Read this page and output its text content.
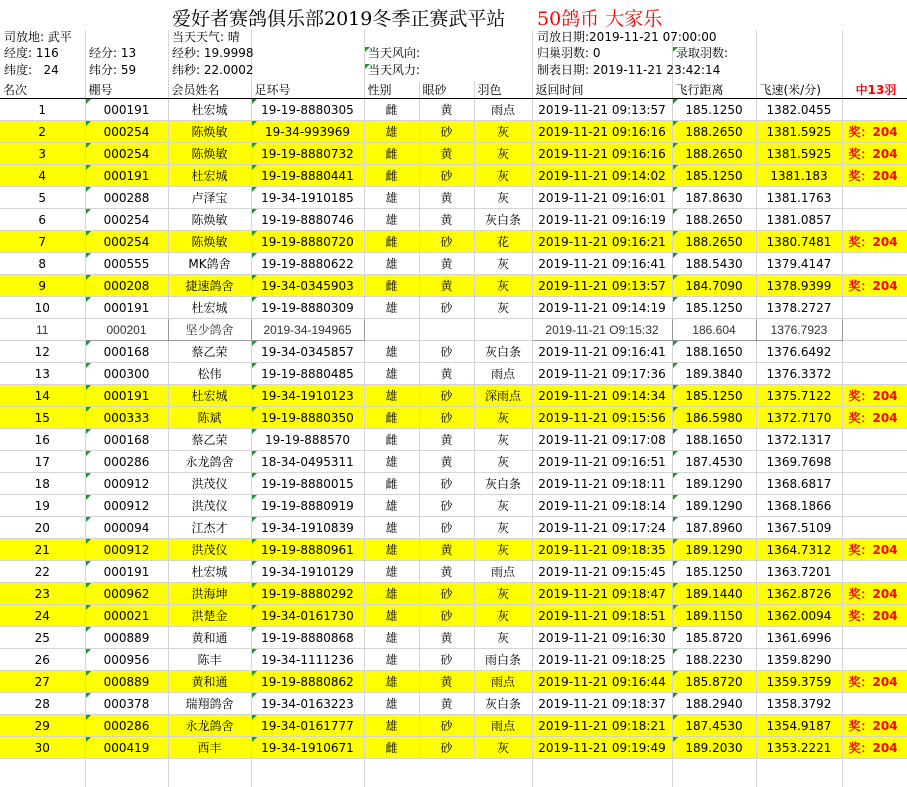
爱好者赛鸽俱乐部2019冬季正赛武平站 50鸽币 大家乐
司放地: 武平	当天天气: 晴	司放日期:2019-11-21 07:00:00
经度: 116	经分: 13	经秒: 19.9998	当天风向:	归巢羽数: 0	录取羽数:
纬度: 24	纬分: 59	纬秒: 22.0002	当天风力:	制表日期: 2019-11-21 23:42:14
名次	棚号	会员姓名	足环号	性别	眼砂	羽色	返回时间	飞行距离	飞速(米/分)	中13羽
1	000191	杜宏城	19-19-8880305	雌	黄	雨点	2019-11-21 09:13:57	185.1250	1382.0455	
2	000254	陈焕敏	19-34-993969	雄	砂	灰	2019-11-21 09:16:16	188.2650	1381.5925	奖：204
3	000254	陈焕敏	19-19-8880732	雌	黄	灰	2019-11-21 09:16:16	188.2650	1381.5925	奖：204
4	000191	杜宏城	19-19-8880441	雌	砂	灰	2019-11-21 09:14:02	185.1250	1381.183	奖：204
5	000288	卢泽宝	19-34-1910185	雄	黄	灰	2019-11-21 09:16:01	187.8630	1381.1763	
6	000254	陈焕敏	19-19-8880746	雄	黄	灰白条	2019-11-21 09:16:19	188.2650	1381.0857	
7	000254	陈焕敏	19-19-8880720	雌	砂	花	2019-11-21 09:16:21	188.2650	1380.7481	奖：204
8	000555	MK鸽舍	19-19-8880622	雄	黄	灰	2019-11-21 09:16:41	188.5430	1379.4147	
9	000208	捷速鸽舍	19-34-0345903	雌	黄	灰	2019-11-21 09:13:57	184.7090	1378.9399	奖：204
10	000191	杜宏城	19-19-8880309	雄	砂	灰	2019-11-21 09:14:19	185.1250	1378.2727	
11	000201	坚少鸽舍	2019-34-194965				2019-11-21 O9:15:32	186.604	1376.7923	
12	000168	蔡乙荣	19-34-0345857	雄	砂	灰白条	2019-11-21 09:16:41	188.1650	1376.6492	
13	000300	松伟	19-19-8880485	雄	黄	雨点	2019-11-21 09:17:36	189.3840	1376.3372	
14	000191	杜宏城	19-34-1910123	雄	砂	深雨点	2019-11-21 09:14:34	185.1250	1375.7122	奖：204
15	000333	陈斌	19-19-8880350	雌	砂	灰	2019-11-21 09:15:56	186.5980	1372.7170	奖：204
16	000168	蔡乙荣	19-19-888570	雌	黄	灰	2019-11-21 09:17:08	188.1650	1372.1317	
17	000286	永龙鸽舍	18-34-0495311	雄	黄	灰	2019-11-21 09:16:51	187.4530	1369.7698	
18	000912	洪茂仪	19-19-8880015	雌	砂	灰白条	2019-11-21 09:18:11	189.1290	1368.6817	
19	000912	洪茂仪	19-19-8880919	雄	砂	灰	2019-11-21 09:18:14	189.1290	1368.1866	
20	000094	江杰才	19-34-1910839	雄	砂	灰	2019-11-21 09:17:24	187.8960	1367.5109	
21	000912	洪茂仪	19-19-8880961	雄	黄	灰	2019-11-21 09:18:35	189.1290	1364.7312	奖：204
22	000191	杜宏城	19-34-1910129	雄	黄	雨点	2019-11-21 09:15:45	185.1250	1363.7201	
23	000962	洪海坤	19-19-8880292	雄	砂	灰	2019-11-21 09:18:47	189.1440	1362.8726	奖：204
24	000021	洪楚金	19-34-0161730	雄	砂	灰	2019-11-21 09:18:51	189.1150	1362.0094	奖：204
25	000889	黄和通	19-19-8880868	雄	黄	灰	2019-11-21 09:16:30	185.8720	1361.6996	
26	000956	陈丰	19-34-1111236	雄	砂	雨白条	2019-11-21 09:18:25	188.2230	1359.8290	
27	000889	黄和通	19-19-8880862	雄	黄	雨点	2019-11-21 09:16:44	185.8720	1359.3759	奖：204
28	000378	瑞翔鸽舍	19-34-0163223	雄	黄	灰白条	2019-11-21 09:18:37	188.2940	1358.3792	
29	000286	永龙鸽舍	19-34-0161777	雄	砂	雨点	2019-11-21 09:18:21	187.4530	1354.9187	奖：204
30	000419	西丰	19-34-1910671	雌	砂	灰	2019-11-21 09:19:49	189.2030	1353.2221	奖：204
